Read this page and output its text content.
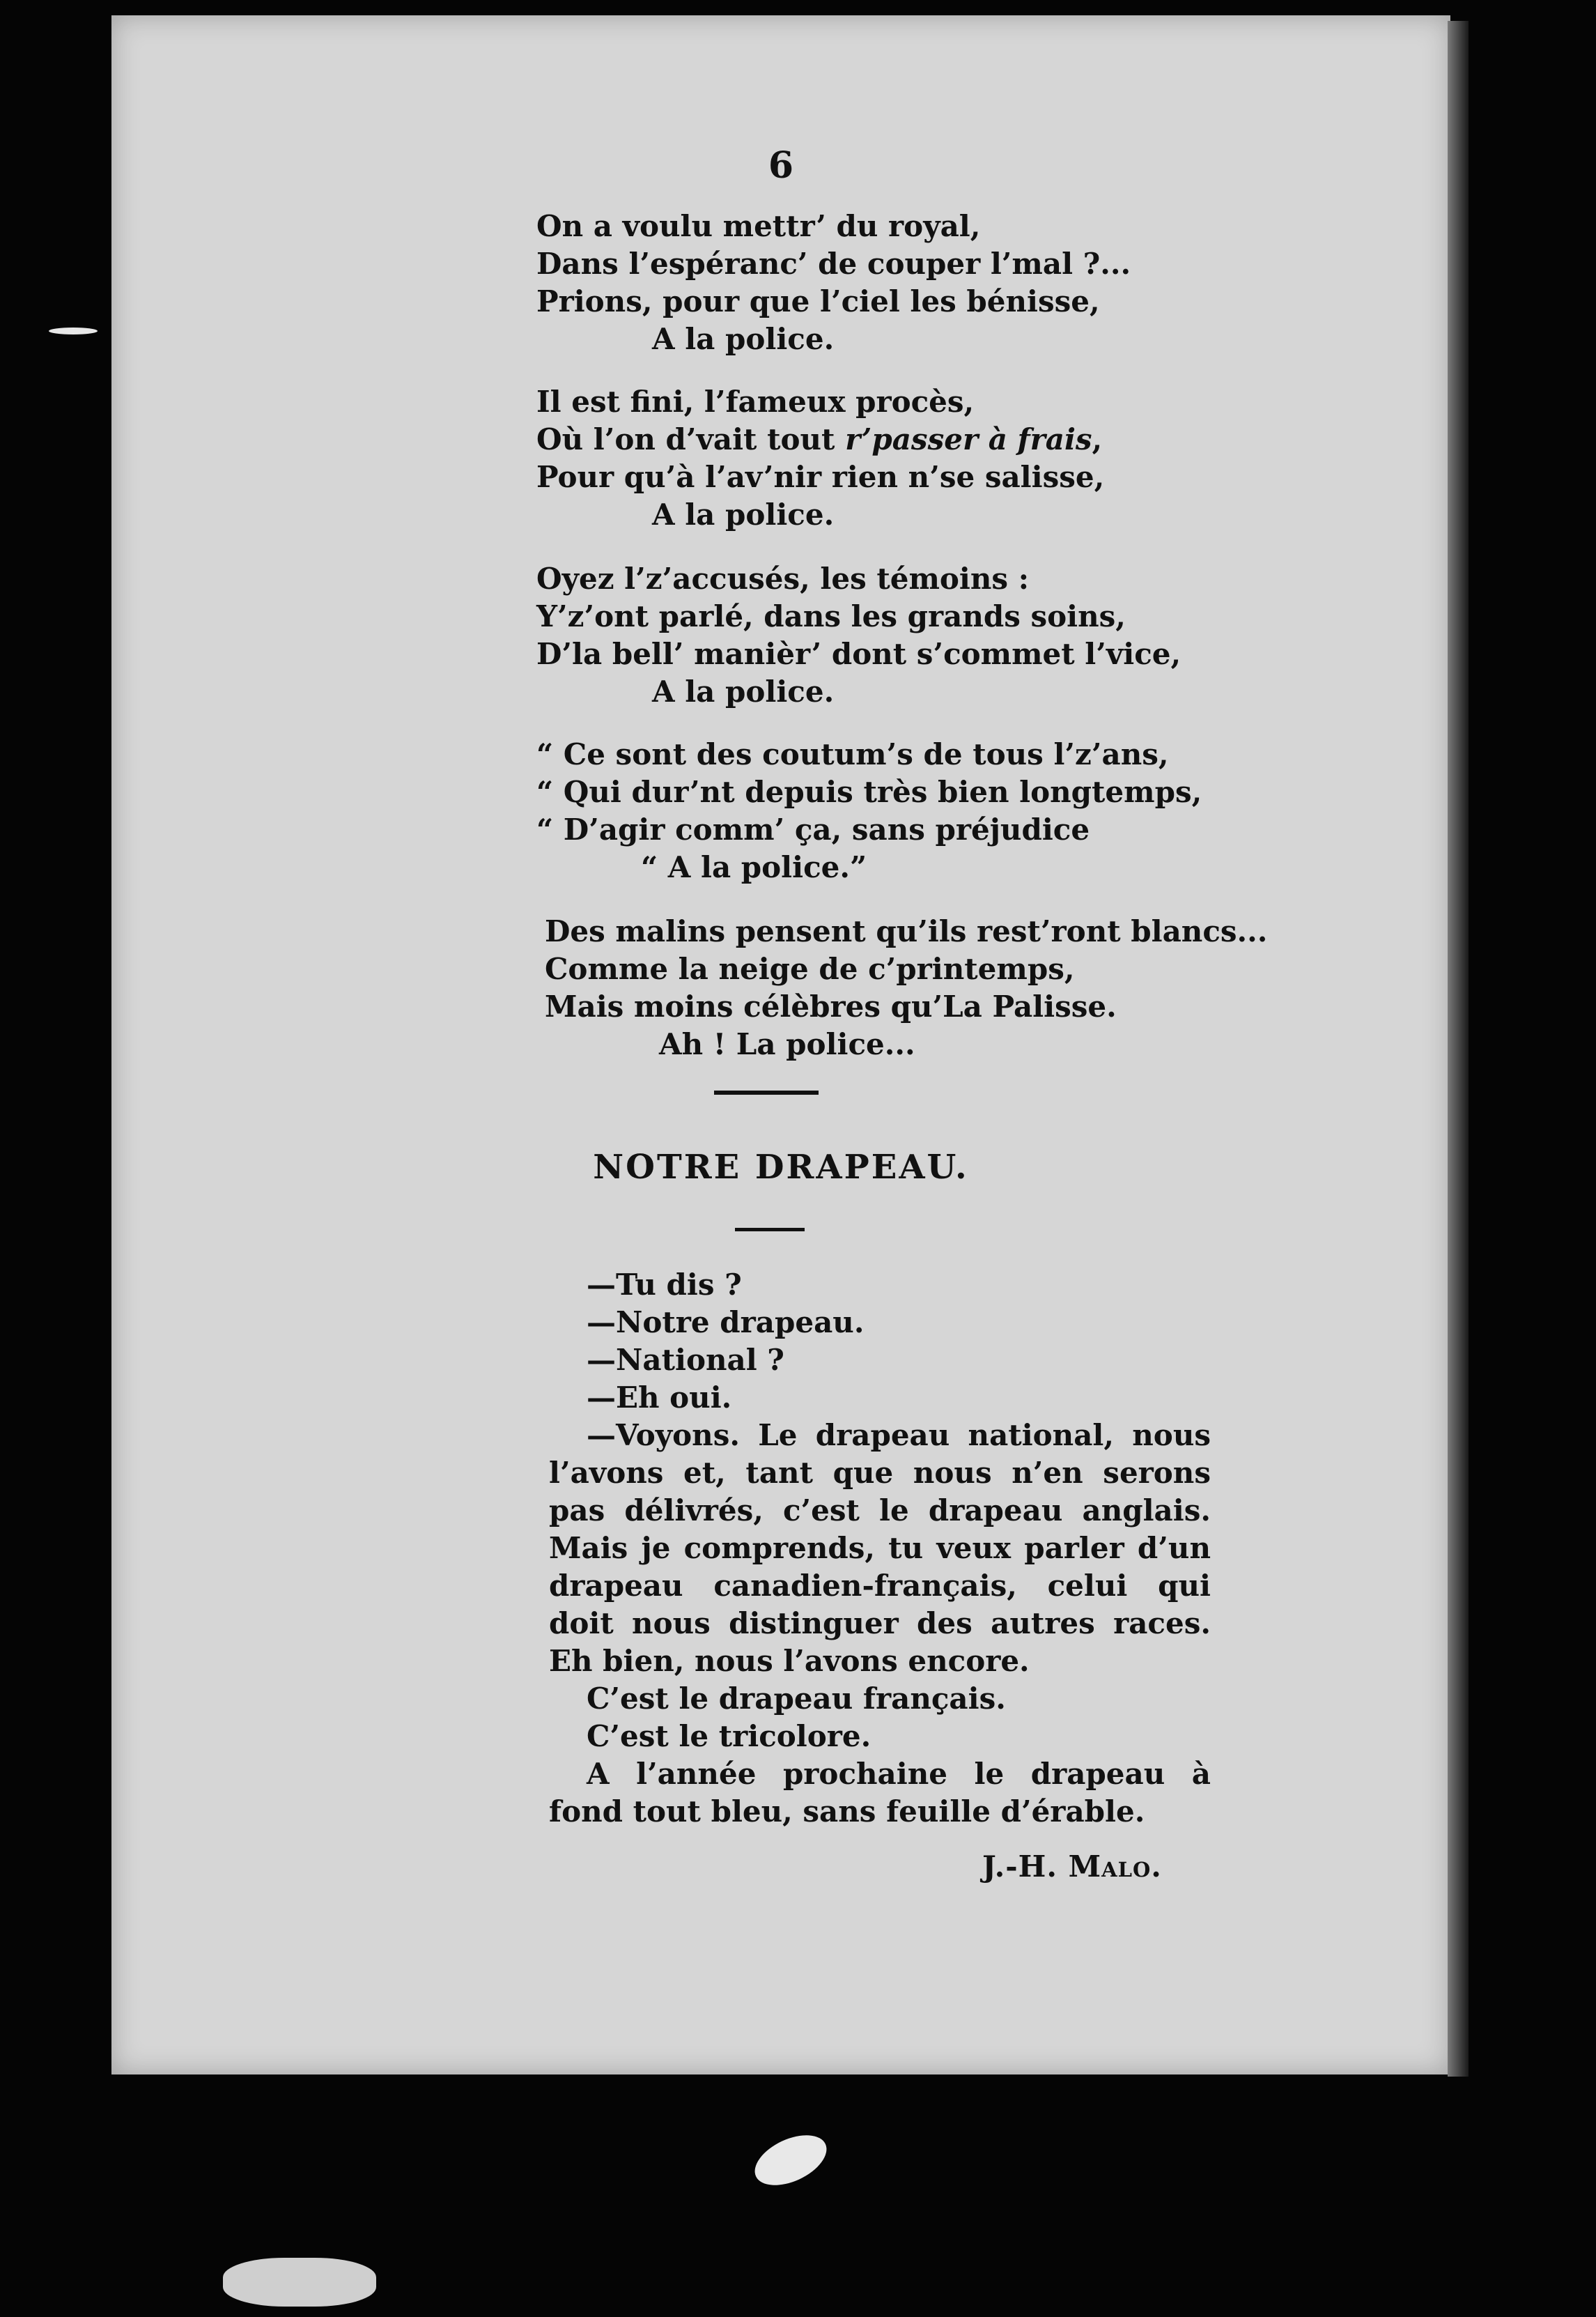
6
On a voulu mettr’ du royal,
Dans l’espéranc’ de couper l’mal ?...
Prions, pour que l’ciel les bénisse,
A la police.
Il est fini, l’fameux procès,
Où l’on d’vait tout r’passer à frais,
Pour qu’à l’av’nir rien n’se salisse,
A la police.
Oyez l’z’accusés, les témoins :
Y’z’ont parlé, dans les grands soins,
D’la bell’ manièr’ dont s’commet l’vice,
A la police.
“ Ce sont des coutum’s de tous l’z’ans,
“ Qui dur’nt depuis très bien longtemps,
“ D’agir comm’ ça, sans préjudice
“ A la police.”
Des malins pensent qu’ils rest’ront blancs...
Comme la neige de c’printemps,
Mais moins célèbres qu’La Palisse.
Ah ! La police...
NOTRE DRAPEAU.
—Tu dis ?
—Notre drapeau.
—National ?
—Eh oui.

—Voyons. Le drapeau national, nous l’avons et, tant que nous n’en serons pas délivrés, c’est le drapeau anglais. Mais je comprends, tu veux parler d’un drapeau canadien-français, celui qui doit nous distinguer des autres races. Eh bien, nous l’avons encore.

C’est le drapeau français.

C’est le tricolore.

A l’année prochaine le drapeau à fond tout bleu, sans feuille d’érable.

J.-H. Malo.
